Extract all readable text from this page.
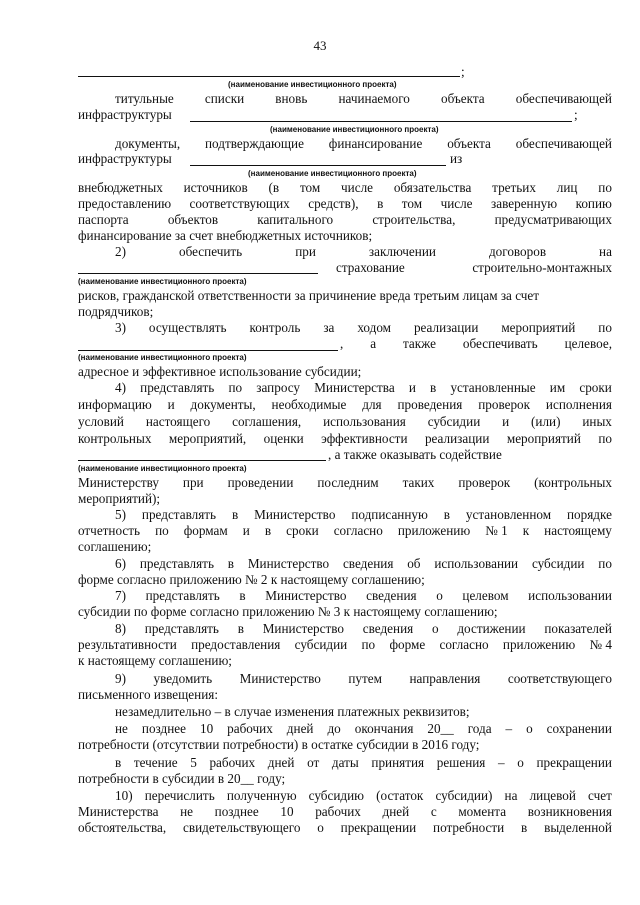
43
;
(наименование инвестиционного проекта)
титульные списки вновь начинаемого объекта обеспечивающей
инфраструктуры	;
(наименование инвестиционного проекта)
документы, подтверждающие финансирование объекта обеспечивающей
инфраструктуры	из
(наименование инвестиционного проекта)
внебюджетных источников (в том числе обязательства третьих лиц по
предоставлению соответствующих средств), в том числе заверенную копию
паспорта	объектов	капитального	строительства,	предусматривающих
финансирование за счет внебюджетных источников;
2)	обеспечить	при	заключении	договоров	на
страхование	строительно-монтажных
(наименование инвестиционного проекта)
рисков, гражданской ответственности за причинение вреда третьим лицам за счет
подрядчиков;
3) осуществлять контроль за ходом реализации мероприятий по
, а также обеспечивать целевое,
(наименование инвестиционного проекта)
адресное и эффективное использование субсидии;
4) представлять по запросу Министерства и в установленные им сроки
информацию и документы, необходимые для проведения проверок исполнения
условий настоящего соглашения, использования субсидии и (или) иных
контрольных мероприятий, оценки эффективности реализации мероприятий по
, а также оказывать содействие
(наименование инвестиционного проекта)
Министерству при проведении последним таких проверок (контрольных
мероприятий);
5) представлять в Министерство подписанную в установленном порядке
отчетность по формам и в сроки согласно приложению № 1 к настоящему
соглашению;
6) представлять в Министерство сведения об использовании субсидии по
форме согласно приложению № 2 к настоящему соглашению;
7) представлять в Министерство сведения о целевом использовании
субсидии по форме согласно приложению № 3 к настоящему соглашению;
8) представлять в Министерство сведения о достижении показателей
результативности предоставления субсидии по форме согласно приложению № 4
к настоящему соглашению;
9) уведомить Министерство путем направления соответствующего
письменного извещения:
незамедлительно – в случае изменения платежных реквизитов;
не позднее 10 рабочих дней до окончания 20__ года – о сохранении
потребности (отсутствии потребности) в остатке субсидии в 2016 году;
в течение 5 рабочих дней от даты принятия решения – о прекращении
потребности в субсидии в 20__ году;
10) перечислить полученную субсидию (остаток субсидии) на лицевой счет
Министерства не позднее 10 рабочих дней с момента возникновения
обстоятельства, свидетельствующего о прекращении потребности в выделенной
